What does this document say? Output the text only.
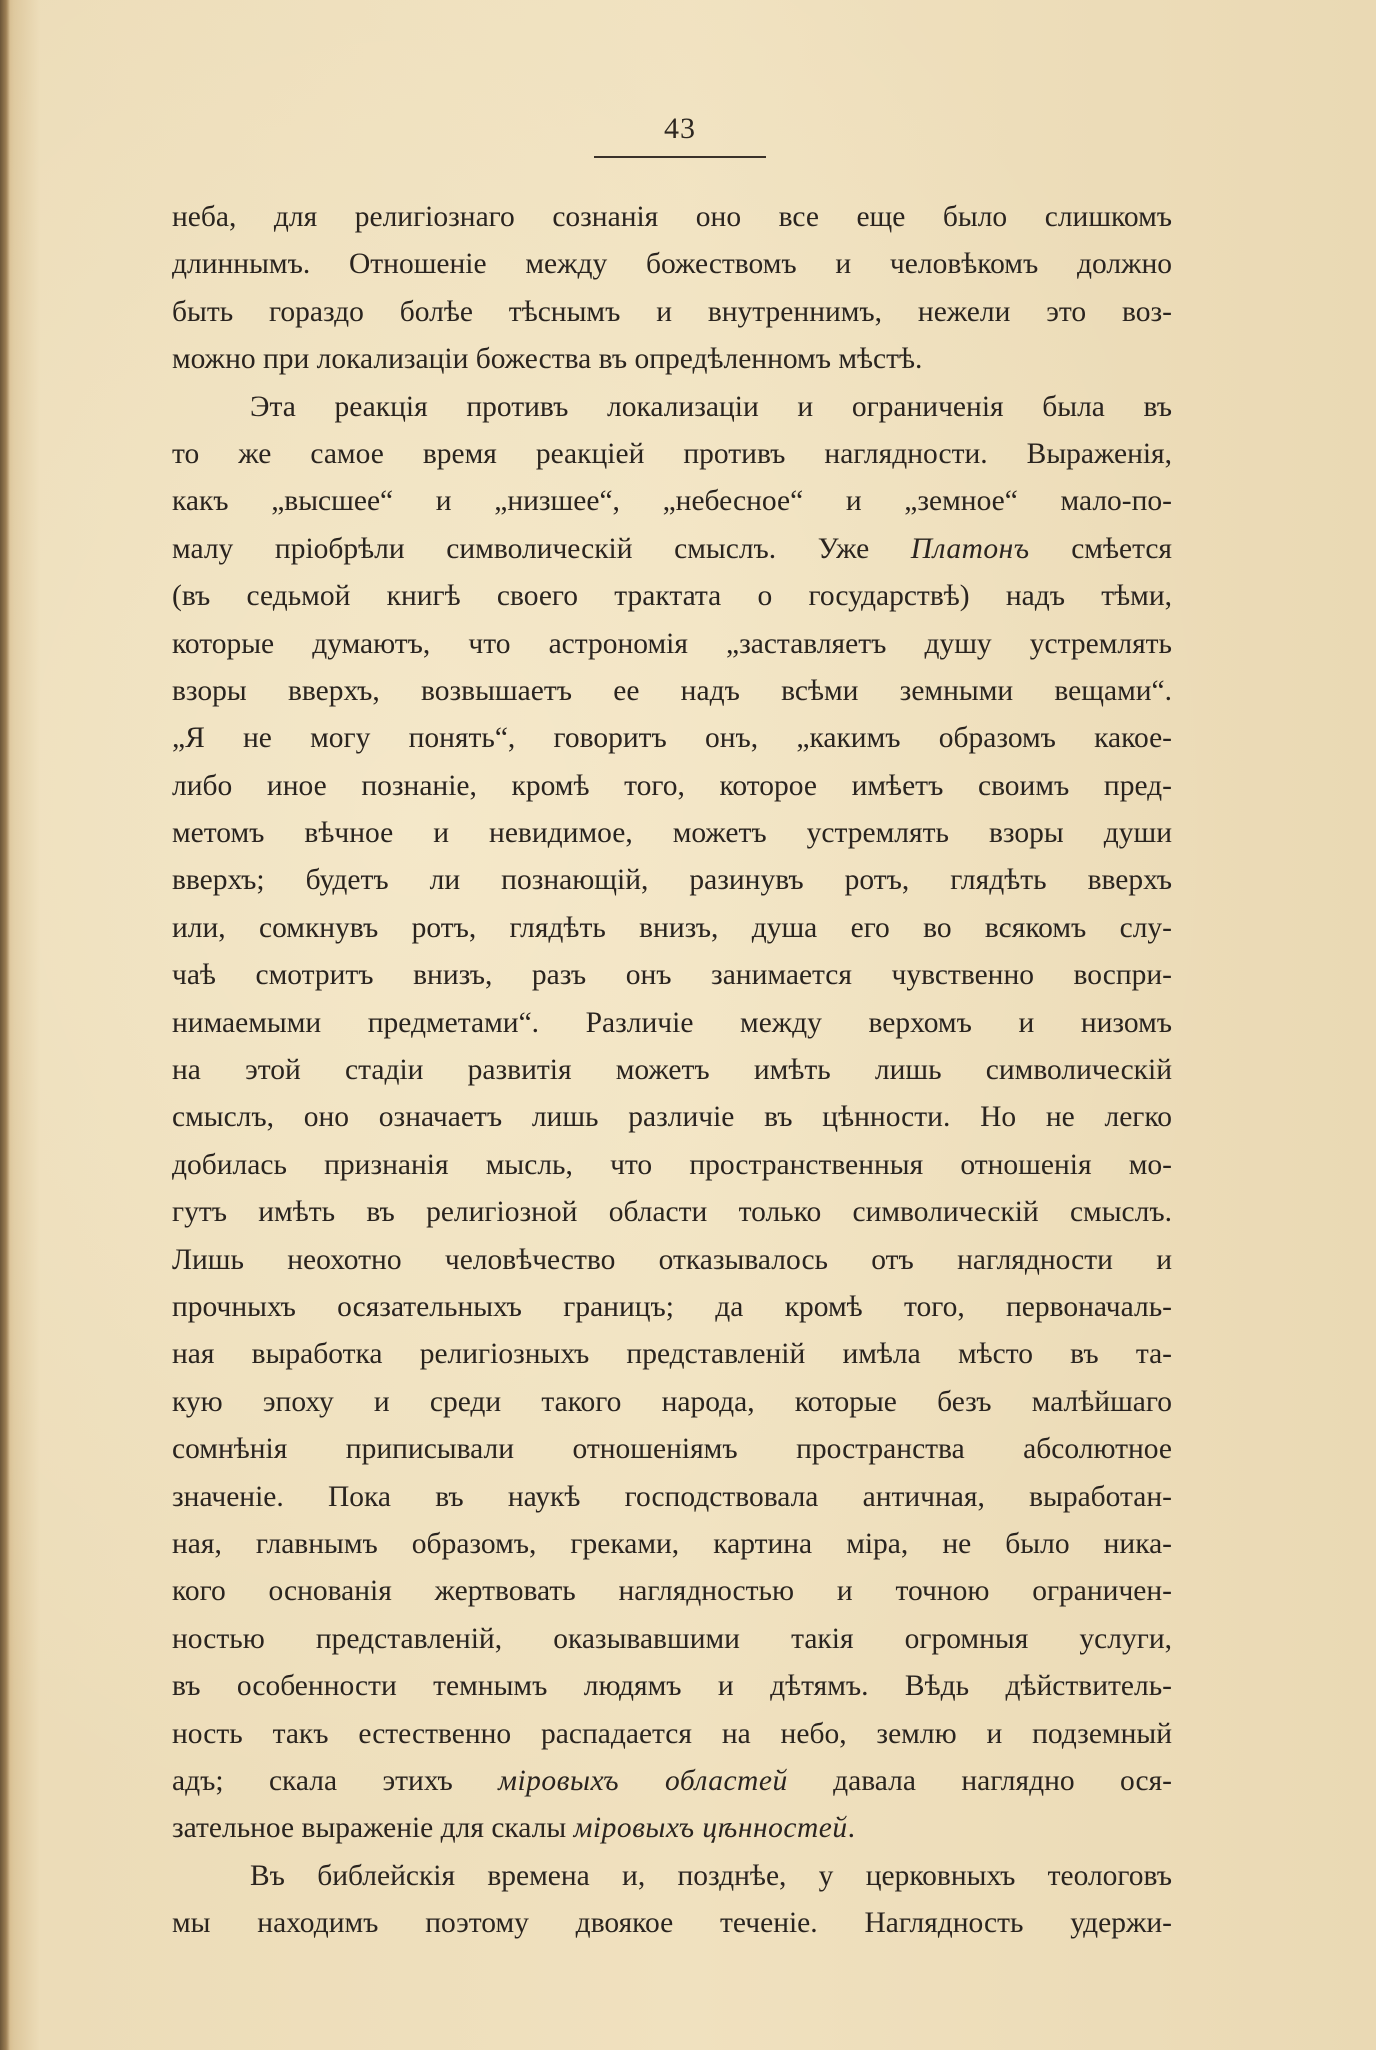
43
неба, для религіознаго сознанія оно все еще было слишкомъ
длиннымъ. Отношеніе между божествомъ и человѣкомъ должно
быть гораздо болѣе тѣснымъ и внутреннимъ, нежели это воз-
можно при локализаціи божества въ опредѣленномъ мѣстѣ.
Эта реакція противъ локализаціи и ограниченія была въ
то же самое время реакціей противъ наглядности. Выраженія,
какъ „высшее“ и „низшее“, „небесное“ и „земное“ мало-по-
малу пріобрѣли символическій смыслъ. Уже Платонъ смѣется
(въ седьмой книгѣ своего трактата о государствѣ) надъ тѣми,
которые думаютъ, что астрономія „заставляетъ душу устремлять
взоры вверхъ, возвышаетъ ее надъ всѣми земными вещами“.
„Я не могу понять“, говоритъ онъ, „какимъ образомъ какое-
либо иное познаніе, кромѣ того, которое имѣетъ своимъ пред-
метомъ вѣчное и невидимое, можетъ устремлять взоры души
вверхъ; будетъ ли познающій, разинувъ ротъ, глядѣть вверхъ
или, сомкнувъ ротъ, глядѣть внизъ, душа его во всякомъ слу-
чаѣ смотритъ внизъ, разъ онъ занимается чувственно воспри-
нимаемыми предметами“. Различіе между верхомъ и низомъ
на этой стадіи развитія можетъ имѣть лишь символическій
смыслъ, оно означаетъ лишь различіе въ цѣнности. Но не легко
добилась признанія мысль, что пространственныя отношенія мо-
гутъ имѣть въ религіозной области только символическій смыслъ.
Лишь неохотно человѣчество отказывалось отъ наглядности и
прочныхъ осязательныхъ границъ; да кромѣ того, первоначаль-
ная выработка религіозныхъ представленій имѣла мѣсто въ та-
кую эпоху и среди такого народа, которые безъ малѣйшаго
сомнѣнія приписывали отношеніямъ пространства абсолютное
значеніе. Пока въ наукѣ господствовала античная, выработан-
ная, главнымъ образомъ, греками, картина міра, не было ника-
кого основанія жертвовать наглядностью и точною ограничен-
ностью представленій, оказывавшими такія огромныя услуги,
въ особенности темнымъ людямъ и дѣтямъ. Вѣдь дѣйствитель-
ность такъ естественно распадается на небо, землю и подземный
адъ; скала этихъ міровыхъ областей давала наглядно ося-
зательное выраженіе для скалы міровыхъ цѣнностей.
Въ библейскія времена и, позднѣе, у церковныхъ теологовъ
мы находимъ поэтому двоякое теченіе. Наглядность удержи-
